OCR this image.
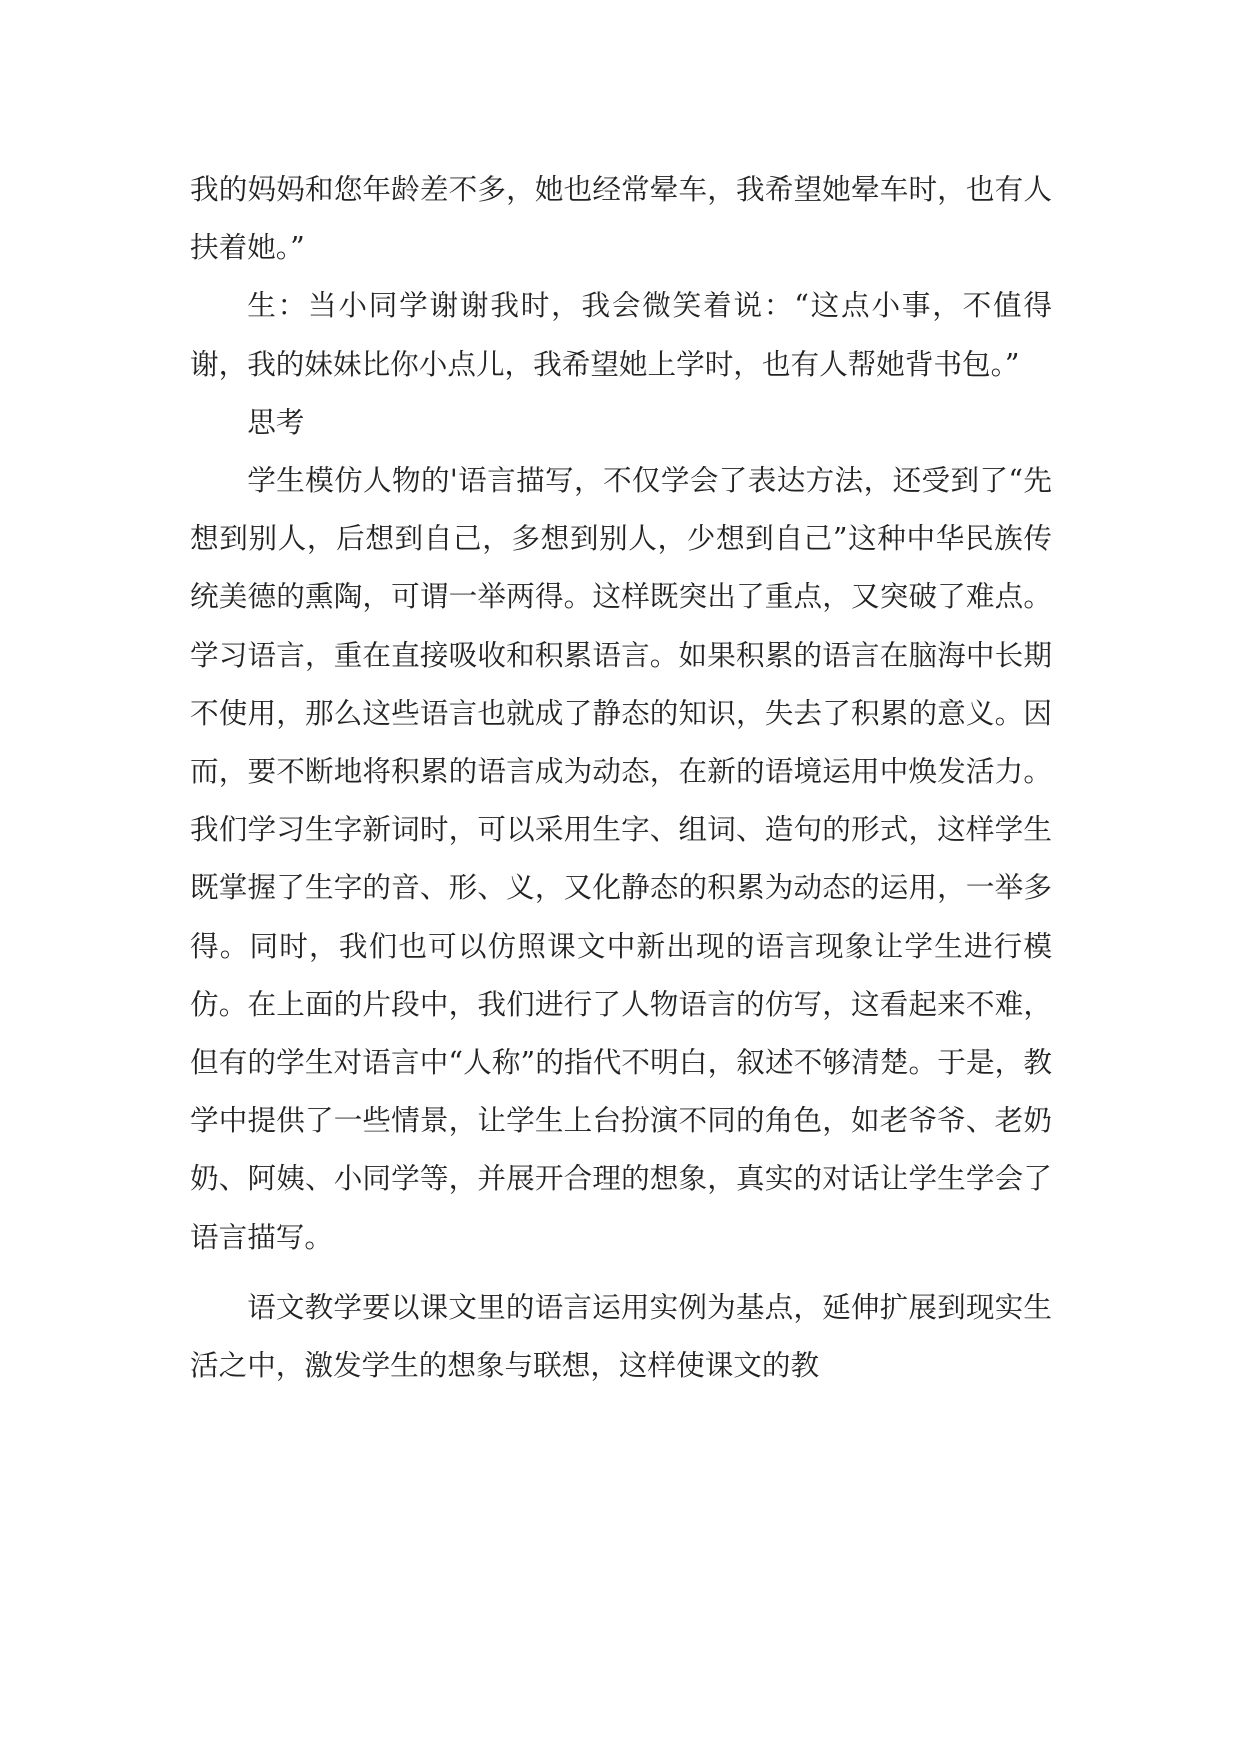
我的妈妈和您年龄差不多，她也经常晕车，我希望她晕车时，也有人扶着她。”

生：当小同学谢谢我时，我会微笑着说：“这点小事，不值得谢，我的妹妹比你小点儿，我希望她上学时，也有人帮她背书包。”

思考

学生模仿人物的'语言描写，不仅学会了表达方法，还受到了“先想到别人，后想到自己，多想到别人，少想到自己”这种中华民族传统美德的熏陶，可谓一举两得。这样既突出了重点，又突破了难点。学习语言，重在直接吸收和积累语言。如果积累的语言在脑海中长期不使用，那么这些语言也就成了静态的知识，失去了积累的意义。因而，要不断地将积累的语言成为动态，在新的语境运用中焕发活力。我们学习生字新词时，可以采用生字、组词、造句的形式，这样学生既掌握了生字的音、形、义，又化静态的积累为动态的运用，一举多得。同时，我们也可以仿照课文中新出现的语言现象让学生进行模仿。在上面的片段中，我们进行了人物语言的仿写，这看起来不难，但有的学生对语言中“人称”的指代不明白，叙述不够清楚。于是，教学中提供了一些情景，让学生上台扮演不同的角色，如老爷爷、老奶奶、阿姨、小同学等，并展开合理的想象，真实的对话让学生学会了语言描写。

语文教学要以课文里的语言运用实例为基点，延伸扩展到现实生活之中，激发学生的想象与联想，这样使课文的教
